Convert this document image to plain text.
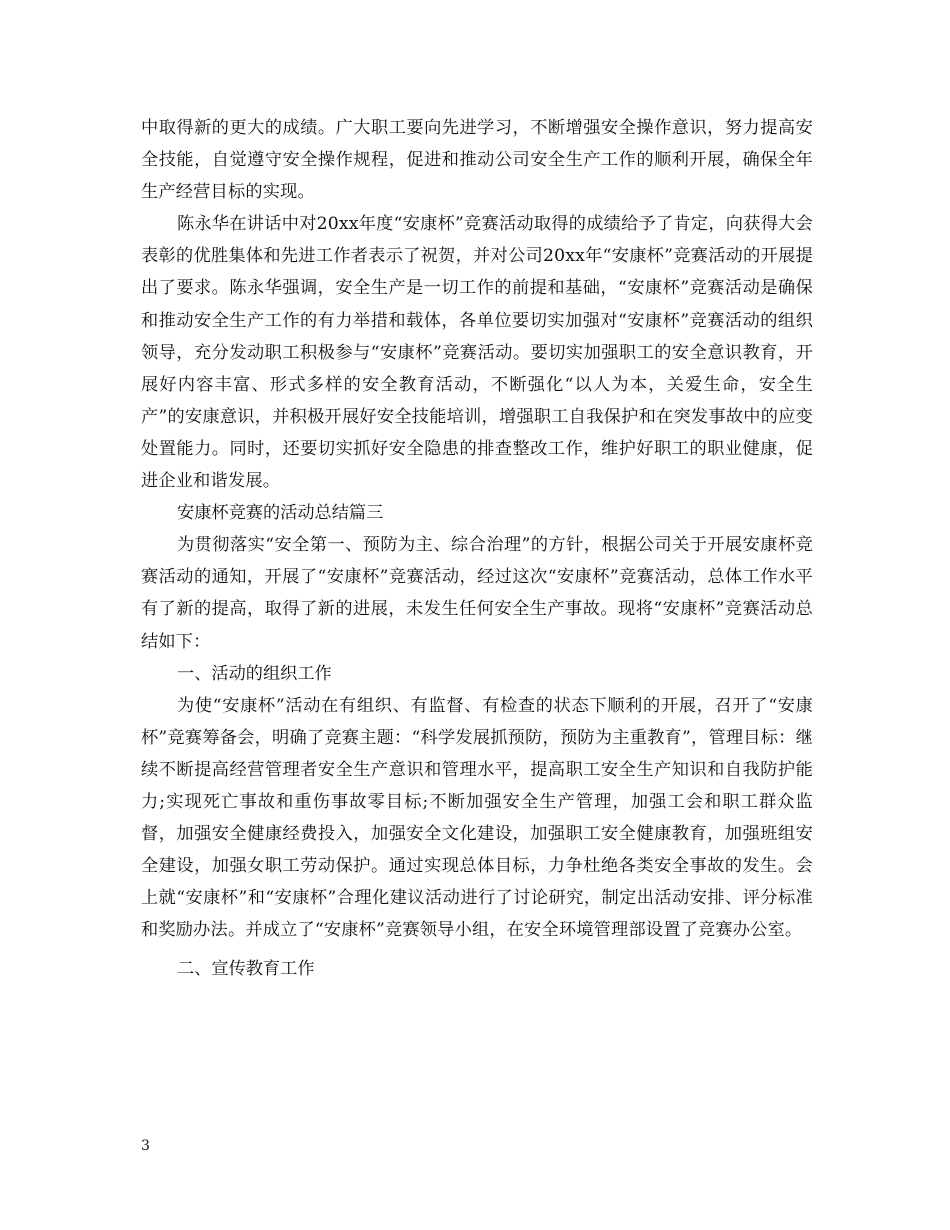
中取得新的更大的成绩。广大职工要向先进学习，不断增强安全操作意识，努力提高安全技能，自觉遵守安全操作规程，促进和推动公司安全生产工作的顺利开展，确保全年生产经营目标的实现。

陈永华在讲话中对20xx年度“安康杯”竞赛活动取得的成绩给予了肯定，向获得大会表彰的优胜集体和先进工作者表示了祝贺，并对公司20xx年“安康杯”竞赛活动的开展提出了要求。陈永华强调，安全生产是一切工作的前提和基础，“安康杯”竞赛活动是确保和推动安全生产工作的有力举措和载体，各单位要切实加强对“安康杯”竞赛活动的组织领导，充分发动职工积极参与“安康杯”竞赛活动。要切实加强职工的安全意识教育，开展好内容丰富、形式多样的安全教育活动，不断强化“以人为本，关爱生命，安全生产”的安康意识，并积极开展好安全技能培训，增强职工自我保护和在突发事故中的应变处置能力。同时，还要切实抓好安全隐患的排查整改工作，维护好职工的职业健康，促进企业和谐发展。

安康杯竞赛的活动总结篇三

为贯彻落实“安全第一、预防为主、综合治理”的方针，根据公司关于开展安康杯竞赛活动的通知，开展了“安康杯”竞赛活动，经过这次“安康杯”竞赛活动，总体工作水平有了新的提高，取得了新的进展，未发生任何安全生产事故。现将“安康杯”竞赛活动总结如下：

一、活动的组织工作

为使“安康杯”活动在有组织、有监督、有检查的状态下顺利的开展，召开了“安康杯”竞赛筹备会，明确了竞赛主题：“科学发展抓预防，预防为主重教育”，管理目标：继续不断提高经营管理者安全生产意识和管理水平，提高职工安全生产知识和自我防护能力;实现死亡事故和重伤事故零目标;不断加强安全生产管理，加强工会和职工群众监督，加强安全健康经费投入，加强安全文化建设，加强职工安全健康教育，加强班组安全建设，加强女职工劳动保护。通过实现总体目标，力争杜绝各类安全事故的发生。会上就“安康杯”和“安康杯”合理化建议活动进行了讨论研究，制定出活动安排、评分标准和奖励办法。并成立了“安康杯”竞赛领导小组，在安全环境管理部设置了竞赛办公室。

二、宣传教育工作

3
